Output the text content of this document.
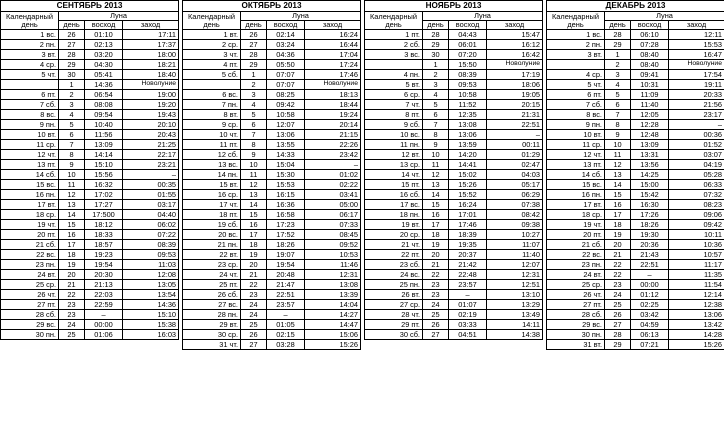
СЕНТЯБРЬ 2013			
Календарный день	Луна		
	день	восход	заход
1 вс.	26	01:10	17:11
2 пн.	27	02:13	17:37
3 вт.	28	03:20	18:00
4 ср.	29	04:30	18:21
5 чт.	30	05:41	18:40
	1	14:36	Новолуние
6 пт.	2	06:54	19:00
7 сб.	3	08:08	19:20
8 вс.	4	09:54	19:43
9 пн.	5	10:40	20:10
10 вт.	6	11:56	20:43
11 ср.	7	13:09	21:25
12 чт.	8	14:14	22:17
13 пт.	9	15:10	23:21
14 сб.	10	15:56	–
15 вс.	11	16:32	00:35
16 пн.	12	17:02	01:55
17 вт.	13	17:27	03:17
18 ср.	14	17:500	04:40
19 чт.	15	18:12	06:02
20 пт.	16	18:33	07:22
21 сб.	17	18:57	08:39
22 вс.	18	19:23	09:53
23 пн.	19	19:54	11:03
24 вт.	20	20:30	12:08
25 ср.	21	21:13	13:05
26 чт.	22	22:03	13:54
27 пт.	23	22:59	14:36
28 сб.	23	–	15:10
29 вс.	24	00:00	15:38
30 пн.	25	01:06	16:03
ОКТЯБРЬ 2013			
Календарный день	Луна		
	день	восход	заход
1 вт.	26	02:14	16:24
2 ср.	27	03:24	16:44
3 чт.	28	04:36	17:04
4 пт.	29	05:50	17:24
5 сб.	1	07:07	17:46
	2	07:07	Новолуние
6 вс.	3	08:25	18:13
7 пн.	4	09:42	18:44
8 вт.	5	10:58	19:24
9 ср.	6	12:07	20:14
10 чт.	7	13:06	21:15
11 пт.	8	13:55	22:26
12 сб.	9	14:33	23:42
13 вс.	10	15:04	–
14 пн.	11	15:30	01:02
15 вт.	12	15:53	02:22
16 ср.	13	16:15	03:41
17 чт.	14	16:36	05:00
18 пт.	15	16:58	06:17
19 сб.	16	17:23	07:33
20 вс.	17	17:52	08:45
21 пн.	18	18:26	09:52
22 вт.	19	19:07	10:53
23 ср.	20	19:54	11:46
24 чт.	21	20:48	12:31
25 пт.	22	21:47	13:08
26 сб.	23	22:51	13:39
27 вс.	24	23:57	14:04
28 пн.	24	–	14:27
29 вт.	25	01:05	14:47
30 ср.	26	02:15	15:06
31 чт.	27	03:28	15:26
НОЯБРЬ 2013			
Календарный день	Луна		
	день	восход	заход
1 пт.	28	04:43	15:47
2 сб.	29	06:01	16:12
3 вс.	30	07:20	16:42
	1	15:50	Новолуние
4 пн.	2	08:39	17:19
5 вт.	3	09:53	18:06
6 ср.	4	10:58	19:05
7 чт.	5	11:52	20:15
8 пт.	6	12:35	21:31
9 сб.	7	13:08	22:51
10 вс.	8	13:06	–
11 пн.	9	13:59	00:11
12 вт.	10	14:20	01:29
13 ср.	11	14:41	02:47
14 чт.	12	15:02	04:03
15 пт.	13	15:26	05:17
16 сб.	14	15:52	06:29
17 вс.	15	16:24	07:38
18 пн.	16	17:01	08:42
19 вт.	17	17:46	09:38
20 ср.	18	18:39	10:27
21 чт.	19	19:35	11:07
22 пт.	20	20:37	11:40
23 сб.	21	21:42	12:07
24 вс.	22	22:48	12:31
25 пн.	23	23:57	12:51
26 вт.	23	–	13:10
27 ср.	24	01:07	13:29
28 чт.	25	02:19	13:49
29 пт.	26	03:33	14:11
30 сб.	27	04:51	14:38
ДЕКАБРЬ 2013			
Календарный день	Луна		
	день	восход	заход
1 вс.	28	06:10	12:11
2 пн.	29	07:28	15:53
3 вт.	1	08:40	16:47
	2	08:40	Новолуние
4 ср.	3	09:41	17:54
5 чт.	4	10:31	19:11
6 пт.	5	11:09	20:33
7 сб.	6	11:40	21:56
8 вс.	7	12:05	23:17
9 пн.	8	12:28	–
10 вт.	9	12:48	00:36
11 ср.	10	13:09	01:52
12 чт.	11	13:31	03:07
13 пт.	12	13:56	04:19
14 сб.	13	14:25	05:28
15 вс.	14	15:00	06:33
16 пн.	15	15:42	07:32
17 вт.	16	16:30	08:23
18 ср.	17	17:26	09:06
19 чт.	18	18:26	09:42
20 пт.	19	19:30	10:11
21 сб.	20	20:36	10:36
22 вс.	21	21:43	10:57
23 пн.	22	22:51	11:17
24 вт.	22	–	11:35
25 ср.	23	00:00	11:54
26 чт.	24	01:12	12:14
27 пт.	25	02:25	12:38
28 сб.	26	03:42	13:06
29 вс.	27	04:59	13:42
30 пн.	28	06:13	14:28
31 вт.	29	07:21	15:26
